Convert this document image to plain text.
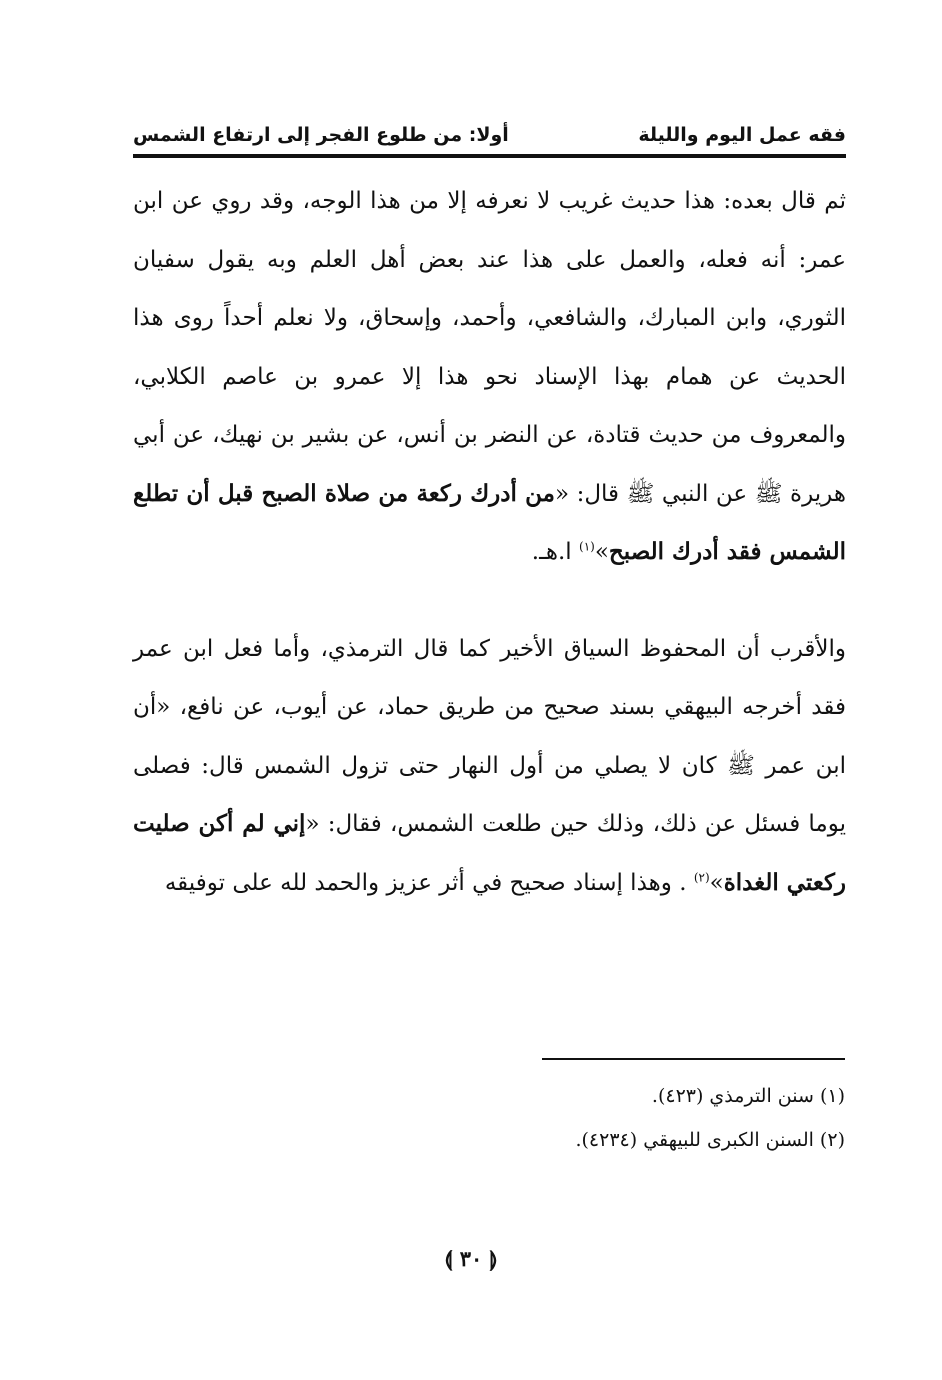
فقه عمل اليوم والليلة
أولا: من طلوع الفجر إلى ارتفاع الشمس

ثم قال بعده: هذا حديث غريب لا نعرفه إلا من هذا الوجه، وقد روي عن ابن عمر: أنه فعله، والعمل على هذا عند بعض أهل العلم وبه يقول سفيان الثوري، وابن المبارك، والشافعي، وأحمد، وإسحاق، ولا نعلم أحداً روى هذا الحديث عن همام بهذا الإسناد نحو هذا إلا عمرو بن عاصم الكلابي، والمعروف من حديث قتادة، عن النضر بن أنس، عن بشير بن نهيك، عن أبي هريرة ﷺ عن النبي ﷺ قال: «من أدرك ركعة من صلاة الصبح قبل أن تطلع الشمس فقد أدرك الصبح»$^{(١)}$ ا.هـ.

والأقرب أن المحفوظ السياق الأخير كما قال الترمذي، وأما فعل ابن عمر فقد أخرجه البيهقي بسند صحيح من طريق حماد، عن أيوب، عن نافع، «أن ابن عمر ﷺ كان لا يصلي من أول النهار حتى تزول الشمس قال: فصلى يوما فسئل عن ذلك، وذلك حين طلعت الشمس، فقال: «إني لم أكن صليت ركعتي الغداة»$^{(٢)}$ . وهذا إسناد صحيح في أثر عزيز والحمد لله على توفيقه

(١) سنن الترمذي (٤٢٣).
(٢) السنن الكبرى للبيهقي (٤٢٣٤).
⟬ ٣٠ ⟭
